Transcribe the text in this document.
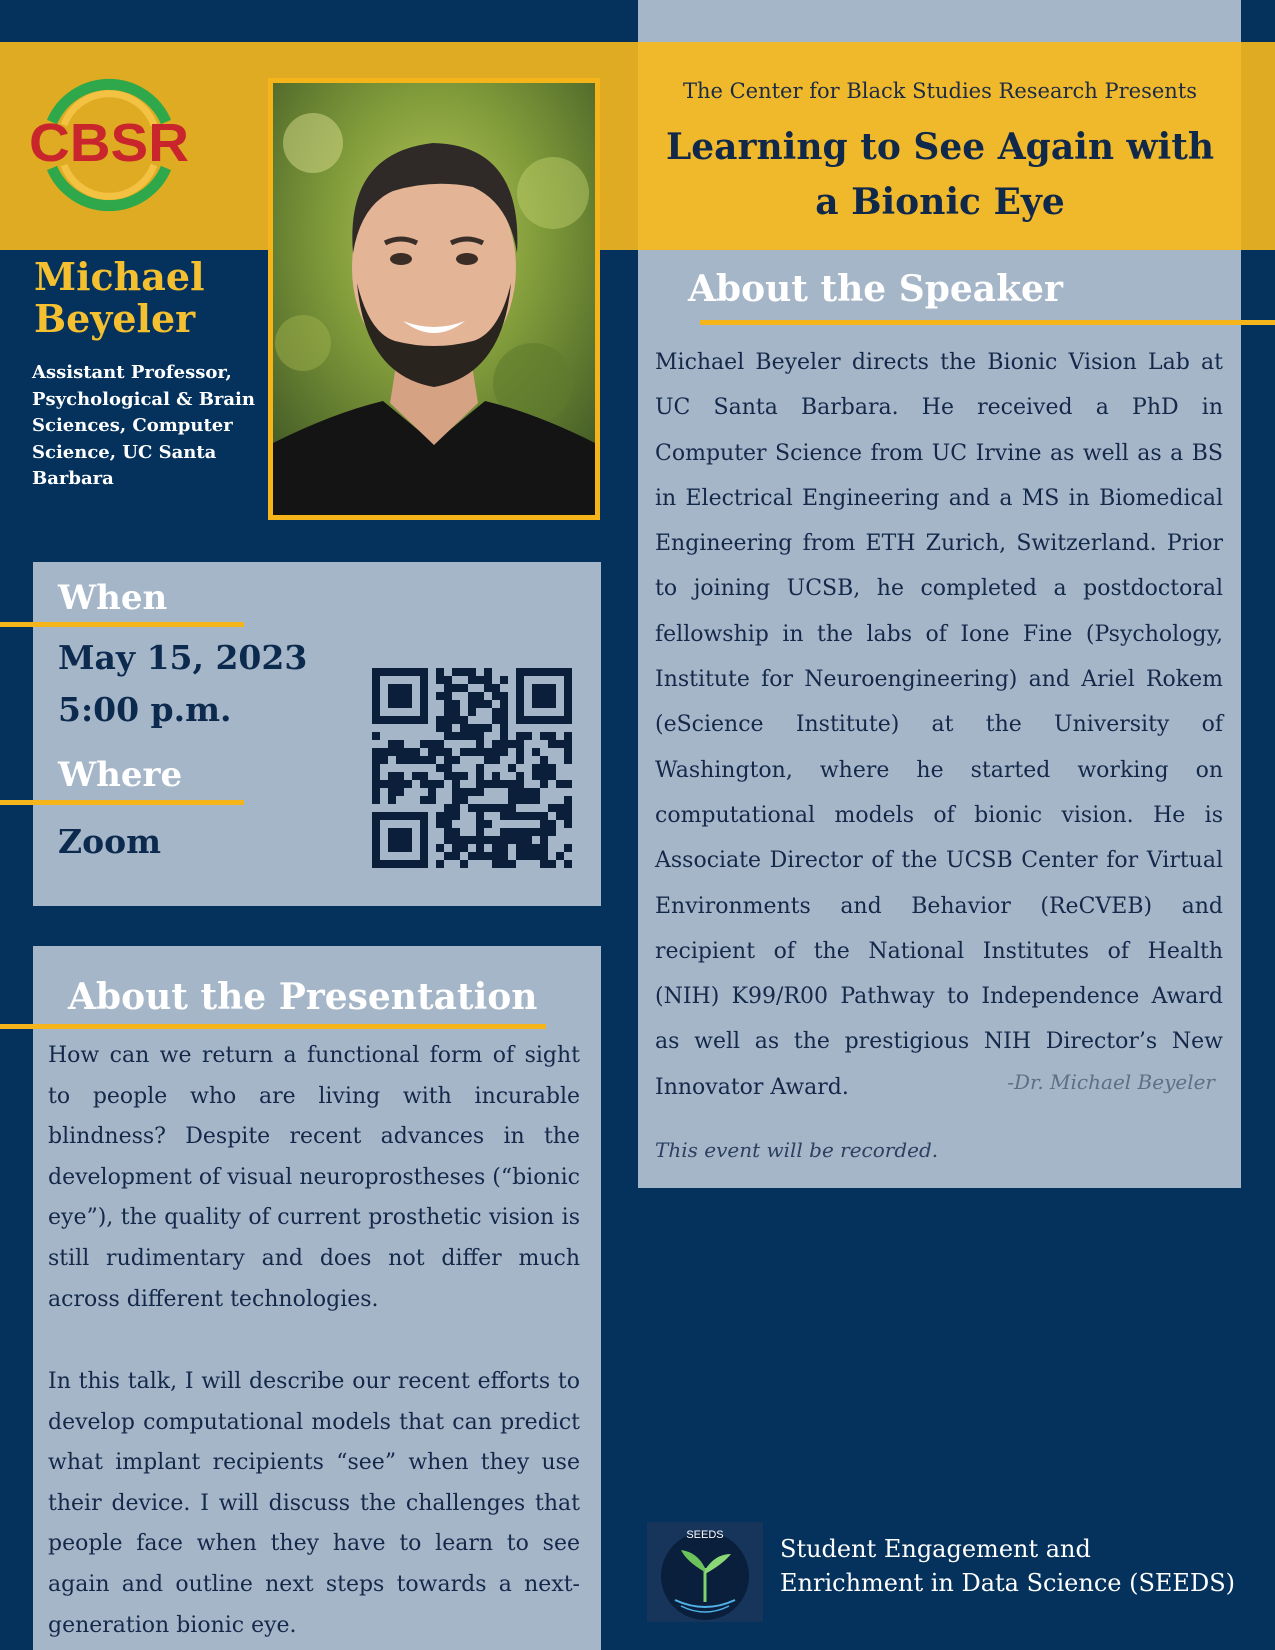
CBSR
Michael Beyeler

Assistant Professor, Psychological & Brain Sciences, Computer Science, UC Santa Barbara

The Center for Black Studies Research Presents

Learning to See Again with a Bionic Eye
When

May 15, 2023

5:00 p.m.

Where

Zoom

About the Presentation

How can we return a functional form of sight to people who are living with incurable blindness? Despite recent advances in the development of visual neuroprostheses (“bionic eye”), the quality of current prosthetic vision is still rudimentary and does not differ much across different technologies.

In this talk, I will describe our recent efforts to develop computational models that can predict what implant recipients “see” when they use their device. I will discuss the challenges that people face when they have to learn to see again and outline next steps towards a next-generation bionic eye.

About the Speaker

Michael Beyeler directs the Bionic Vision Lab at UC Santa Barbara. He received a PhD in Computer Science from UC Irvine as well as a BS in Electrical Engineering and a MS in Biomedical Engineering from ETH Zurich, Switzerland. Prior to joining UCSB, he completed a postdoctoral fellowship in the labs of Ione Fine (Psychology, Institute for Neuroengineering) and Ariel Rokem (eScience Institute) at the University of Washington, where he started working on computational models of bionic vision. He is Associate Director of the UCSB Center for Virtual Environments and Behavior (ReCVEB) and recipient of the National Institutes of Health (NIH) K99/R00 Pathway to Independence Award as well as the prestigious NIH Director’s New Innovator Award.	-Dr. Michael Beyeler

This event will be recorded.

SEEDS Student Engagement and Enrichment in Data Science (SEEDS)
